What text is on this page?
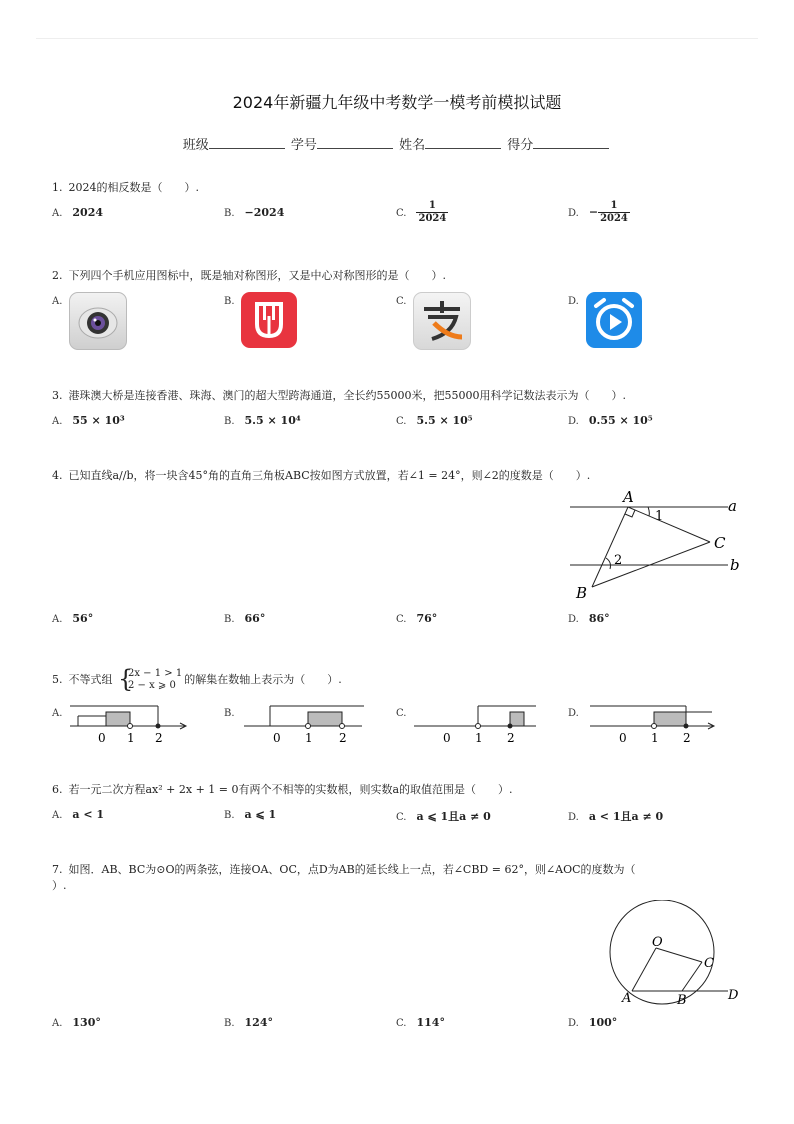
2024年新疆九年级中考数学一模考前模拟试题
班级	学号	姓名	得分
1. 2024的相反数是（　　）.
A. 2024	B. −2024	C. $\frac{1}{2024}$	D. − $\frac{1}{2024}$
2. 下列四个手机应用图标中，既是轴对称图形，又是中心对称图形的是（　　）.
A.	B.	C.	D.
3. 港珠澳大桥是连接香港、珠海、澳门的超大型跨海通道，全长约55000米，把55000用科学记数法表示为（　　）.
A. 55 × 10³	B. 5.5 × 10⁴	C. 5.5 × 10⁵	D. 0.55 × 10⁵
4. 已知直线a//b，将一块含45°角的直角三角板ABC按如图方式放置，若∠1 = 24°，则∠2的度数是（　　）.
A
B
C
a
b
1
2
A. 56°	B. 66°	C. 76°	D. 86°
5. 不等式组
{ 2x − 1 > 1
2 − x ⩾ 0 的解集在数轴上表示为（　　）.
A.
0 1 2
B.
0 1 2
C.
0 1 2
D.
0 1 2
6. 若一元二次方程ax² + 2x + 1 = 0有两个不相等的实数根，则实数a的取值范围是（　　）.
A. a < 1	B. a ⩽ 1	C. a ⩽ 1且a ≠ 0	D. a < 1且a ≠ 0
7. 如图．AB、BC为⊙O的两条弦，连接OA、OC，点D为AB的延长线上一点，若∠CBD = 62°，则∠AOC的度数为（
）.
O
A	B
C
D
A. 130°	B. 124°	C. 114°	D. 100°
